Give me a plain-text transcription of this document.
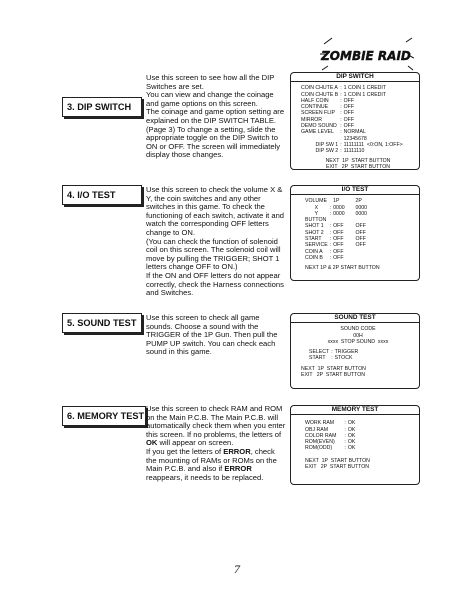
ZOMBIE RAID
3. DIP SWITCH

Use this screen to see how all the DIP Switches are set.

You can view and change the coinage and game options on this screen.

The coinage and game option setting are explained on the DIP SWITCH TABLE. (Page 3) To change a setting, slide the appropriate toggle on the DIP Switch to ON or OFF. The screen will immediately display those changes.

DIP SWITCH
COIN CHUTE A	:	1 COIN 1 CREDIT
COIN CHUTE B	:	1 COIN 1 CREDIT
HALF COIN	:	OFF
CONTINUE	:	OFF
SCREEN FLIP	:	OFF
MIRROR	:	OFF
DEMO SOUND	:	OFF
GAME LEVEL	:	NORMAL
		12345678
DIP SW 1	:	11111111 <0:ON, 1:OFF>
DIP SW 2	:	11111110
NEXT  1P  START BUTTON
EXIT   2P  START BUTTON
4. I/O TEST

Use this screen to check the volume X & Y, the coin switches and any other switches in this game. To check the functioning of each switch, activate it and watch the corresponding OFF letters change to ON.

(You can check the function of solenoid coil on this screen. The solenoid coil will move by pulling the TRIGGER; SHOT 1 letters change OFF to ON.)

If the ON and OFF letters do not appear correctly, check the Harness connections and Switches.

I/O TEST
VOLUME		1P	2P
X	:	0000	0000
Y	:	0000	0000
BUTTON			
SHOT 1	:	OFF	OFF
SHOT 2	:	OFF	OFF
START	:	OFF	OFF
SERVICE	:	OFF	OFF
COIN A	:	OFF	
COIN B	:	OFF	
NEXT 1P & 2P START BUTTON
5. SOUND TEST

Use this screen to check all game sounds. Choose a sound with the TRIGGER of the 1P Gun. Then pull the PUMP UP switch. You can check each sound in this game.

SOUND TEST
SOUND CODE
00H
xxxx  STOP SOUND  xxxx
SELECT	:	TRIGGER
START	:	STOCK
NEXT  1P  START BUTTON
EXIT   2P  START BUTTON
6. MEMORY TEST

Use this screen to check RAM and ROM on the Main P.C.B. The Main P.C.B. will automatically check them when you enter this screen. If no problems, the letters of OK will appear on screen.

If you get the letters of ERROR, check the mounting of RAMs or ROMs on the Main P.C.B. and also if ERROR reappears, it needs to be replaced.

MEMORY TEST
WORK RAM	:	OK
OBJ RAM	:	OK
COLOR RAM	:	OK
ROM(EVEN)	:	OK
ROM(ODD)	:	OK
NEXT  1P  START BUTTON
EXIT   2P  START BUTTON
7
